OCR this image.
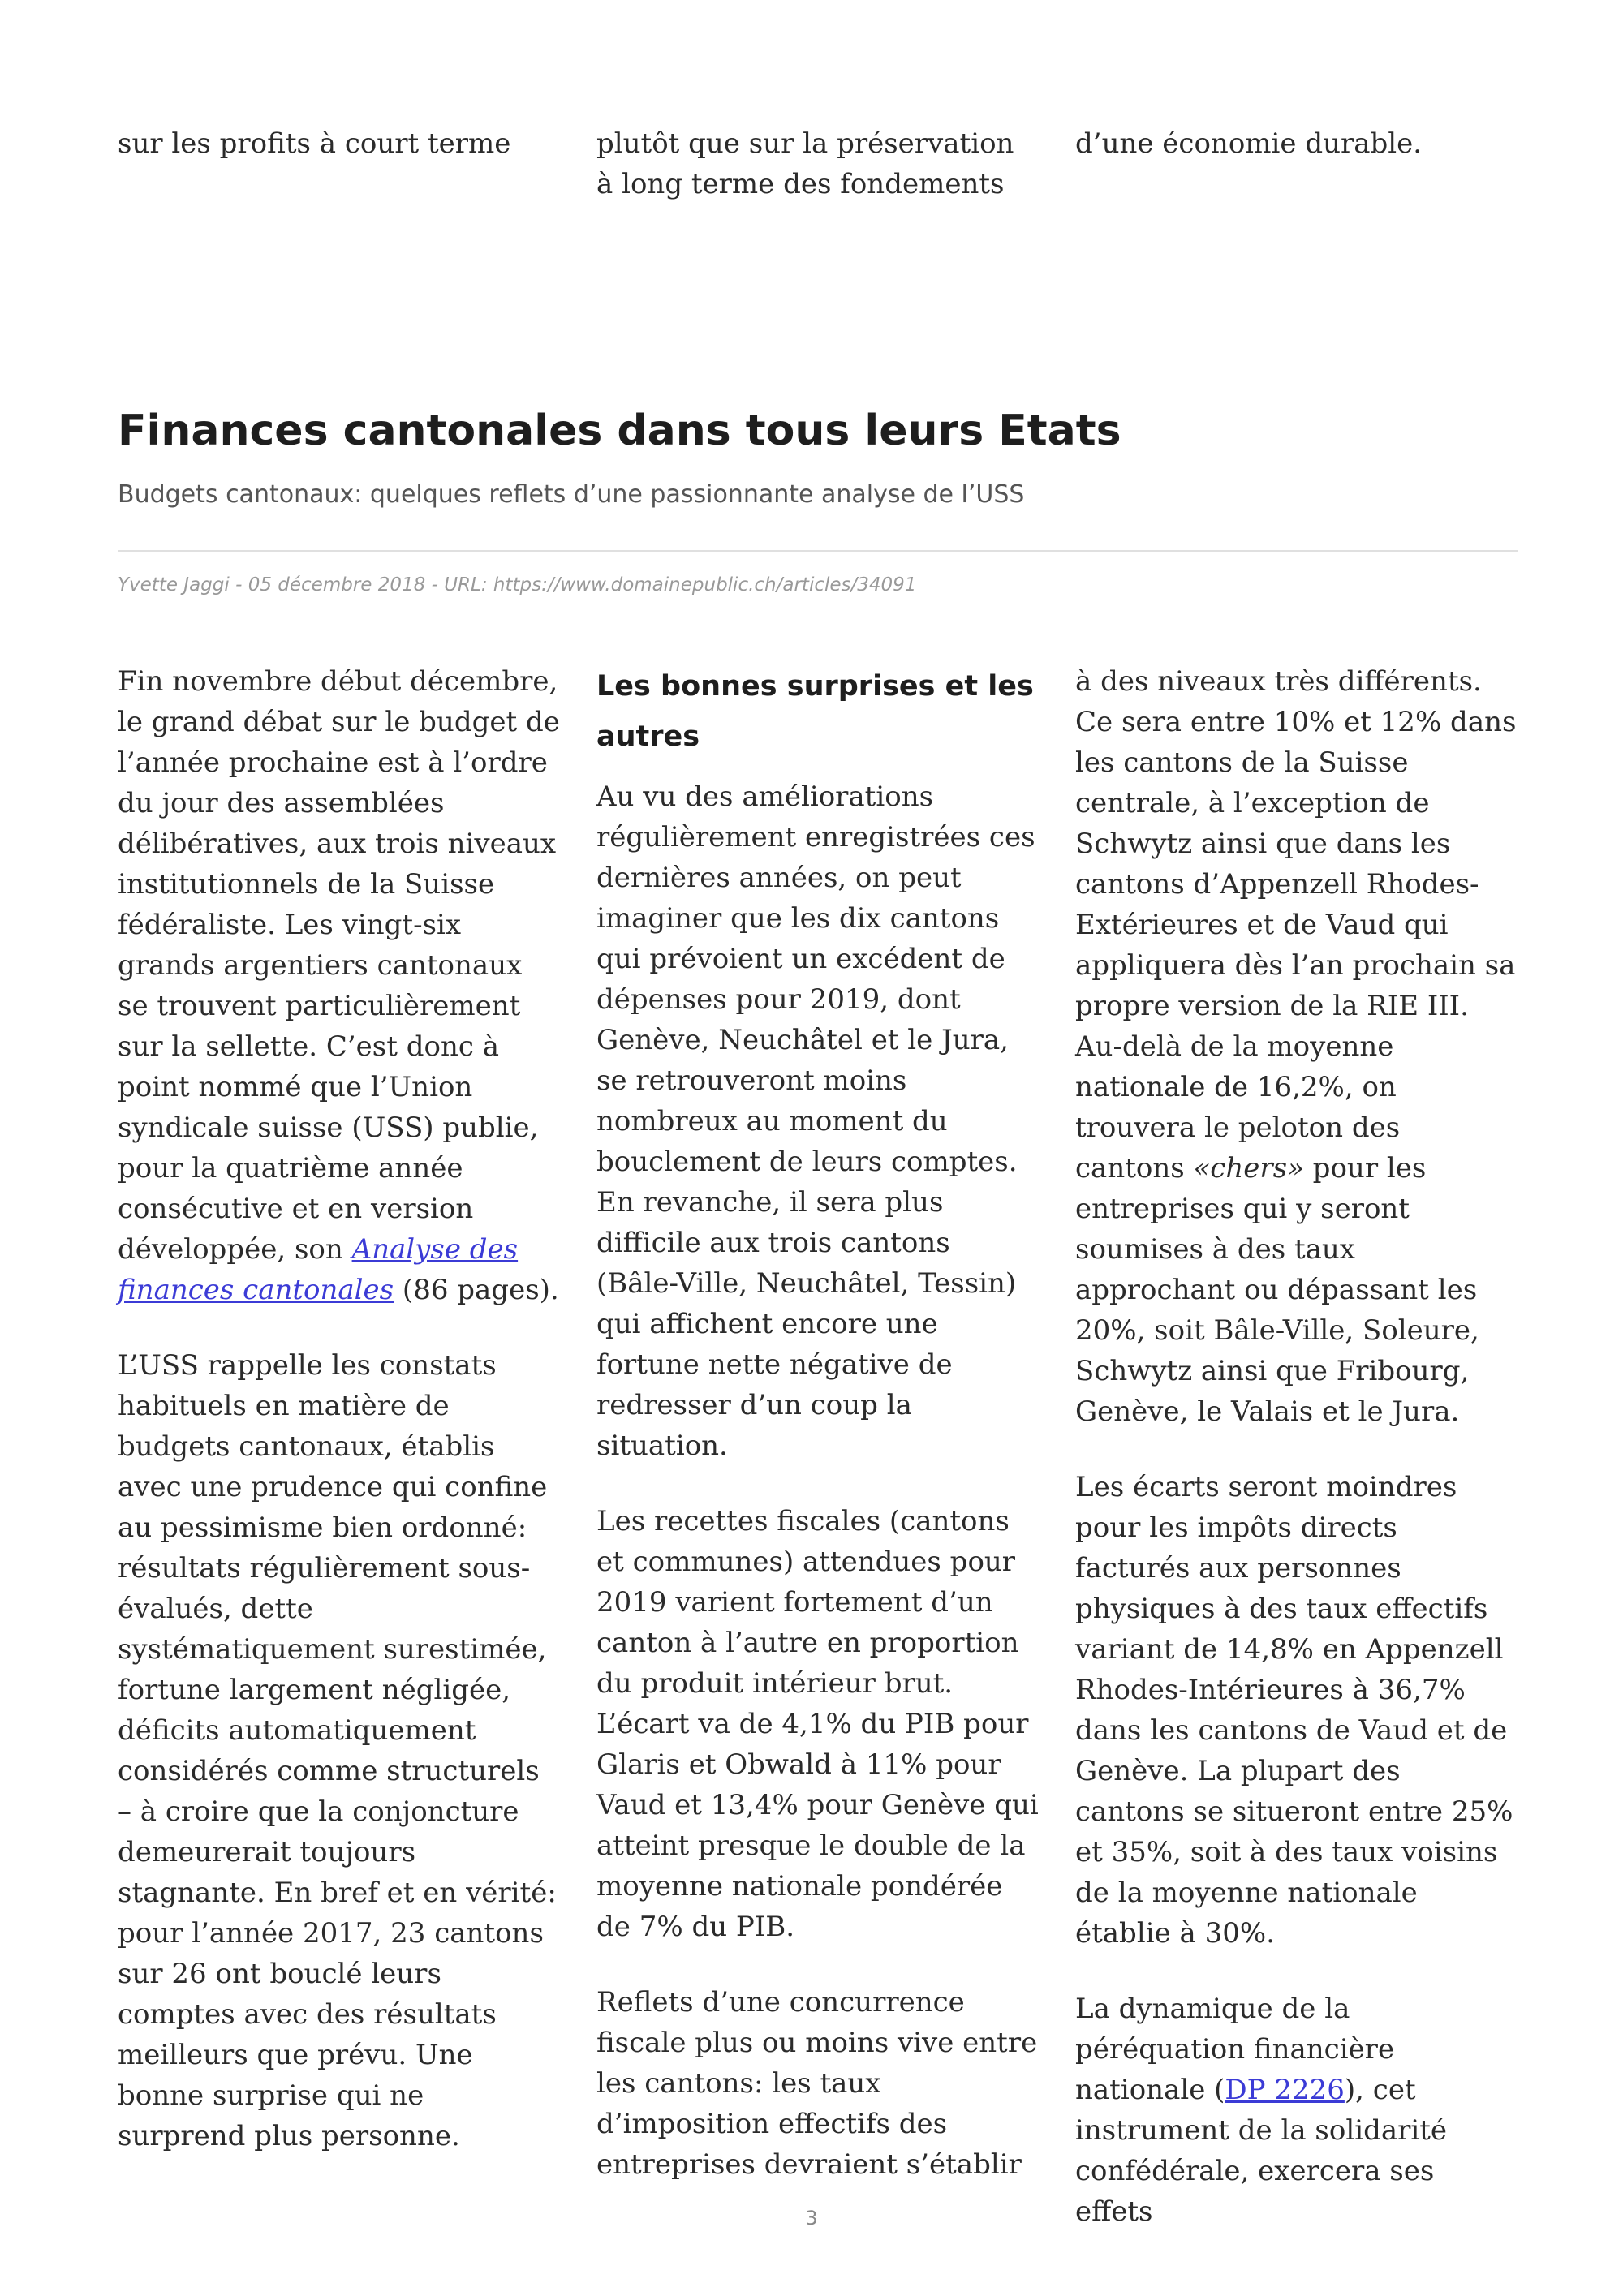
sur les profits à court terme	plutôt que sur la préservation à long terme des fondements

d’une économie durable.

Finances cantonales dans tous leurs Etats

Budgets cantonaux: quelques reflets d’une passionnante analyse de l’USS

Yvette Jaggi - 05 décembre 2018 - URL: https://www.domainepublic.ch/articles/34091

Fin novembre début décembre, le grand débat sur le budget de l’année prochaine est à l’ordre du jour des assemblées délibératives, aux trois niveaux institutionnels de la Suisse fédéraliste. Les vingt-six grands argentiers cantonaux se trouvent particulièrement sur la sellette. C’est donc à point nommé que l’Union syndicale suisse (USS) publie, pour la quatrième année consécutive et en version développée, son Analyse des finances cantonales (86 pages).

L’USS rappelle les constats habituels en matière de budgets cantonaux, établis avec une prudence qui confine au pessimisme bien ordonné: résultats régulièrement sous-évalués, dette systématiquement surestimée, fortune largement négligée, déficits automatiquement considérés comme structurels – à croire que la conjoncture demeurerait toujours stagnante. En bref et en vérité: pour l’année 2017, 23 cantons sur 26 ont bouclé leurs comptes avec des résultats meilleurs que prévu. Une bonne surprise qui ne surprend plus personne.

Les bonnes surprises et les autres

Au vu des améliorations régulièrement enregistrées ces dernières années, on peut imaginer que les dix cantons qui prévoient un excédent de dépenses pour 2019, dont Genève, Neuchâtel et le Jura, se retrouveront moins nombreux au moment du bouclement de leurs comptes. En revanche, il sera plus difficile aux trois cantons (Bâle-Ville, Neuchâtel, Tessin) qui affichent encore une fortune nette négative de redresser d’un coup la situation.

Les recettes fiscales (cantons et communes) attendues pour 2019 varient fortement d’un canton à l’autre en proportion du produit intérieur brut. L’écart va de 4,1% du PIB pour Glaris et Obwald à 11% pour Vaud et 13,4% pour Genève qui atteint presque le double de la moyenne nationale pondérée de 7% du PIB.

Reflets d’une concurrence fiscale plus ou moins vive entre les cantons: les taux d’imposition effectifs des entreprises devraient s’établir

à des niveaux très différents. Ce sera entre 10% et 12% dans les cantons de la Suisse centrale, à l’exception de Schwytz ainsi que dans les cantons d’Appenzell Rhodes-Extérieures et de Vaud qui appliquera dès l’an prochain sa propre version de la RIE III. Au-delà de la moyenne nationale de 16,2%, on trouvera le peloton des cantons «chers» pour les entreprises qui y seront soumises à des taux approchant ou dépassant les 20%, soit Bâle-Ville, Soleure, Schwytz ainsi que Fribourg, Genève, le Valais et le Jura.

Les écarts seront moindres pour les impôts directs facturés aux personnes physiques à des taux effectifs variant de 14,8% en Appenzell Rhodes-Intérieures à 36,7% dans les cantons de Vaud et de Genève. La plupart des cantons se situeront entre 25% et 35%, soit à des taux voisins de la moyenne nationale établie à 30%.

La dynamique de la péréquation financière nationale (DP 2226), cet instrument de la solidarité confédérale, exercera ses effets

3
